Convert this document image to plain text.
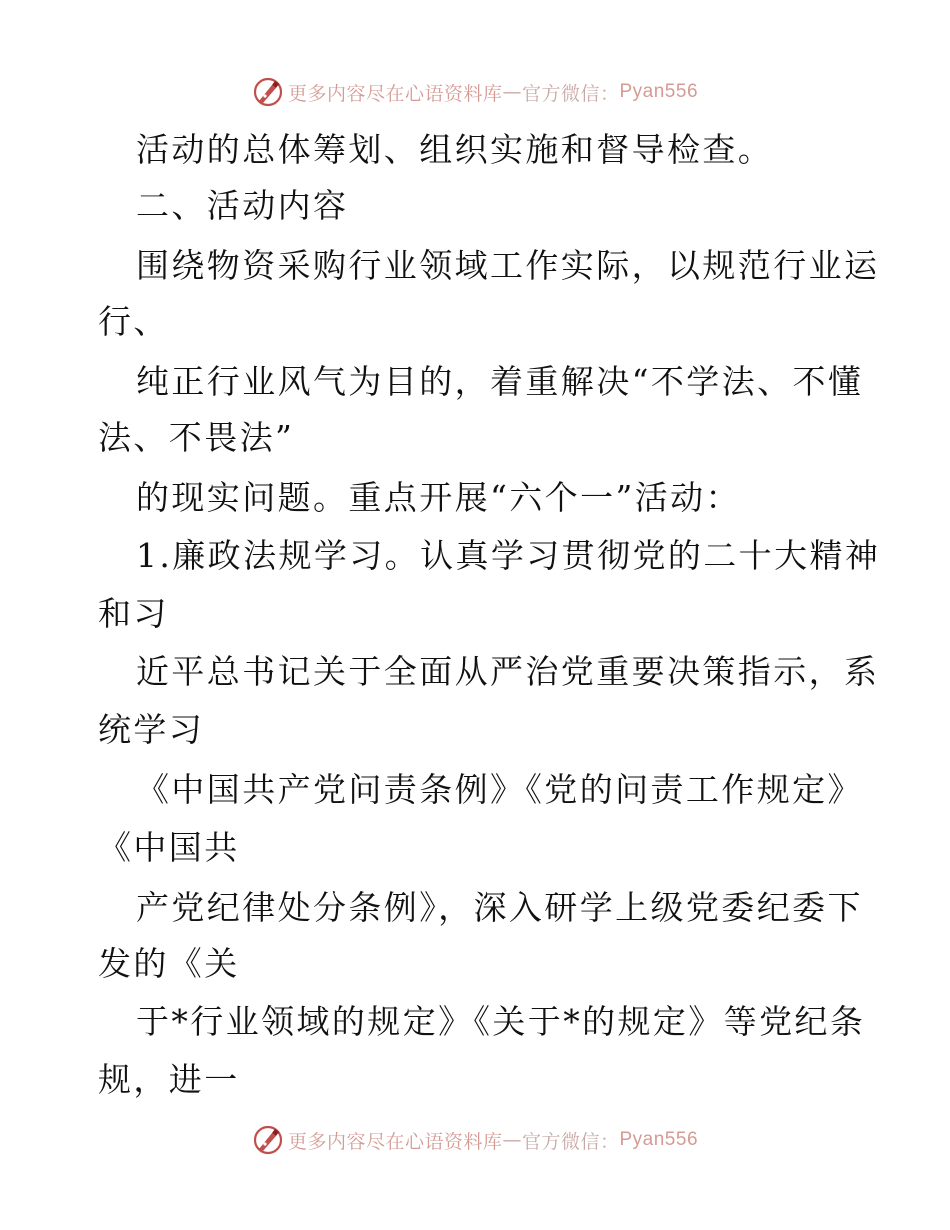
更多内容尽在心语资料库 — 官方微信： Pyan556
活动的总体筹划、组织实施和督导检查。
二、活动内容
围绕物资采购行业领域工作实际，以规范行业运
行、
纯正行业风气为目的，着重解决“不学法、不懂
法、不畏法”
的现实问题。重点开展“六个一”活动：
1.廉政法规学习。认真学习贯彻党的二十大精神
和习
近平总书记关于全面从严治党重要决策指示，系
统学习
《中国共产党问责条例》《党的问责工作规定》
《中国共
产党纪律处分条例》，深入研学上级党委纪委下
发的《关
于*行业领域的规定》《关于*的规定》等党纪条
规，进一
更多内容尽在心语资料库 — 官方微信： Pyan556
